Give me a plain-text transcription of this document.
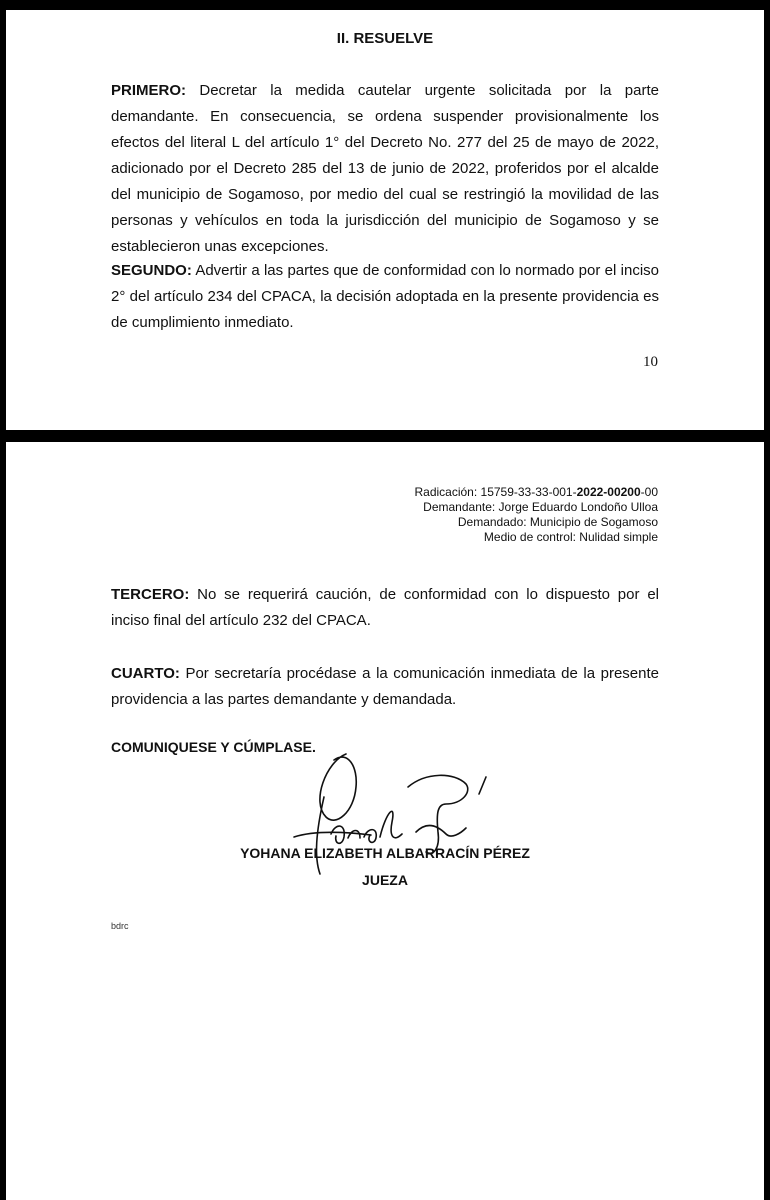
II. RESUELVE

PRIMERO: Decretar la medida cautelar urgente solicitada por la parte demandante. En consecuencia, se ordena suspender provisionalmente los efectos del literal L del artículo 1° del Decreto No. 277 del 25 de mayo de 2022, adicionado por el Decreto 285 del 13 de junio de 2022, proferidos por el alcalde del municipio de Sogamoso, por medio del cual se restringió la movilidad de las personas y vehículos en toda la jurisdicción del municipio de Sogamoso y se establecieron unas excepciones.

SEGUNDO: Advertir a las partes que de conformidad con lo normado por el inciso 2° del artículo 234 del CPACA, la decisión adoptada en la presente providencia es de cumplimiento inmediato.

10
Radicación: 15759-33-33-001-2022-00200-00
Demandante: Jorge Eduardo Londoño Ulloa
Demandado: Municipio de Sogamoso
Medio de control: Nulidad simple

TERCERO: No se requerirá caución, de conformidad con lo dispuesto por el inciso final del artículo 232 del CPACA.

CUARTO: Por secretaría procédase a la comunicación inmediata de la presente providencia a las partes demandante y demandada.

COMUNIQUESE Y CÚMPLASE.
YOHANA ELIZABETH ALBARRACÍN PÉREZ
JUEZA
bdrc
